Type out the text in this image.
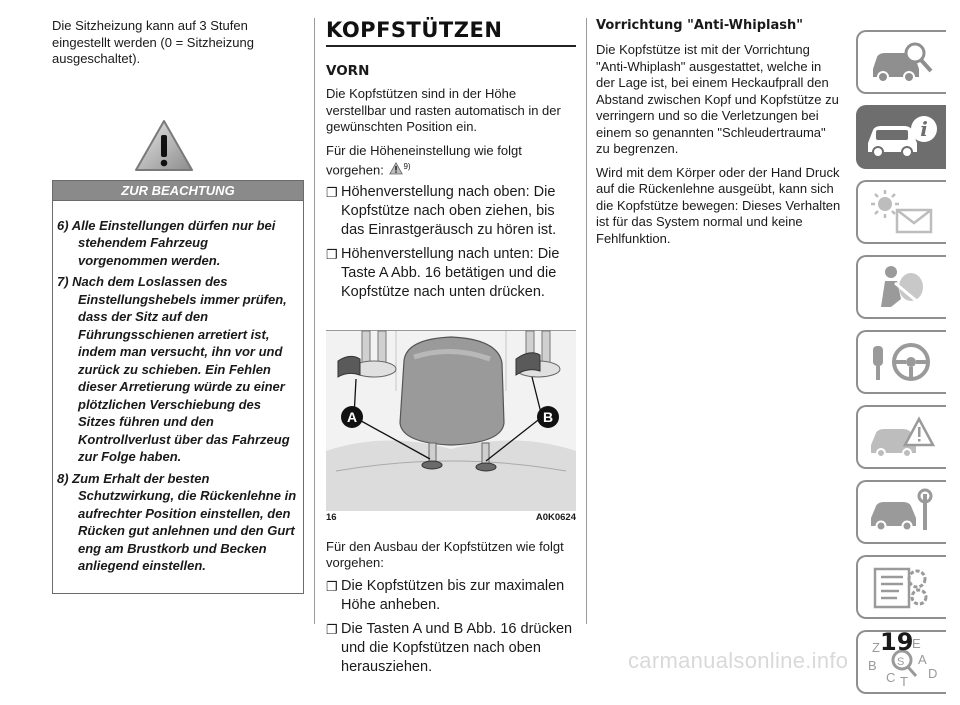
Die Sitzheizung kann auf 3 Stufen eingestellt werden (0 = Sitzheizung ausgeschaltet).

ZUR BEACHTUNG

6) Alle Einstellungen dürfen nur bei stehendem Fahrzeug vorgenommen werden.

7) Nach dem Loslassen des Einstellungshebels immer prüfen, dass der Sitz auf den Führungsschienen arretiert ist, indem man versucht, ihn vor und zurück zu schieben. Ein Fehlen dieser Arretierung würde zu einer plötzlichen Verschiebung des Sitzes führen und den Kontrollverlust über das Fahrzeug zur Folge haben.

8) Zum Erhalt der besten Schutzwirkung, die Rückenlehne in aufrechter Position einstellen, den Rücken gut anlehnen und den Gurt eng am Brustkorb und Becken anliegend einstellen.

KOPFSTÜTZEN
VORN

Die Kopfstützen sind in der Höhe verstellbar und rasten automatisch in der gewünschten Position ein.

Für die Höheneinstellung wie folgt vorgehen: $^{9)}$

❐ Höhenverstellung nach oben: Die Kopfstütze nach oben ziehen, bis das Einrastgeräusch zu hören ist.
❐ Höhenverstellung nach unten: Die Taste A Abb. 16 betätigen und die Kopfstütze nach unten drücken.
A	B
16	A0K0624

Für den Ausbau der Kopfstützen wie folgt vorgehen:

❐ Die Kopfstützen bis zur maximalen Höhe anheben.
❐ Die Tasten A und B Abb. 16 drücken und die Kopfstützen nach oben herausziehen.
Vorrichtung "Anti-Whiplash"

Die Kopfstütze ist mit der Vorrichtung "Anti-Whiplash" ausgestattet, welche in der Lage ist, bei einem Heckaufprall den Abstand zwischen Kopf und Kopfstütze zu verringern und so die Verletzungen bei einem so genannten "Schleudertrauma" zu begrenzen.

Wird mit dem Körper oder der Hand Druck auf die Rückenlehne ausgeübt, kann sich die Kopfstütze bewegen: Dieses Verhalten ist für das System normal und keine Fehlfunktion.

i
Z E
B	A
C	D
T
S
19
carmanualsonline.info
